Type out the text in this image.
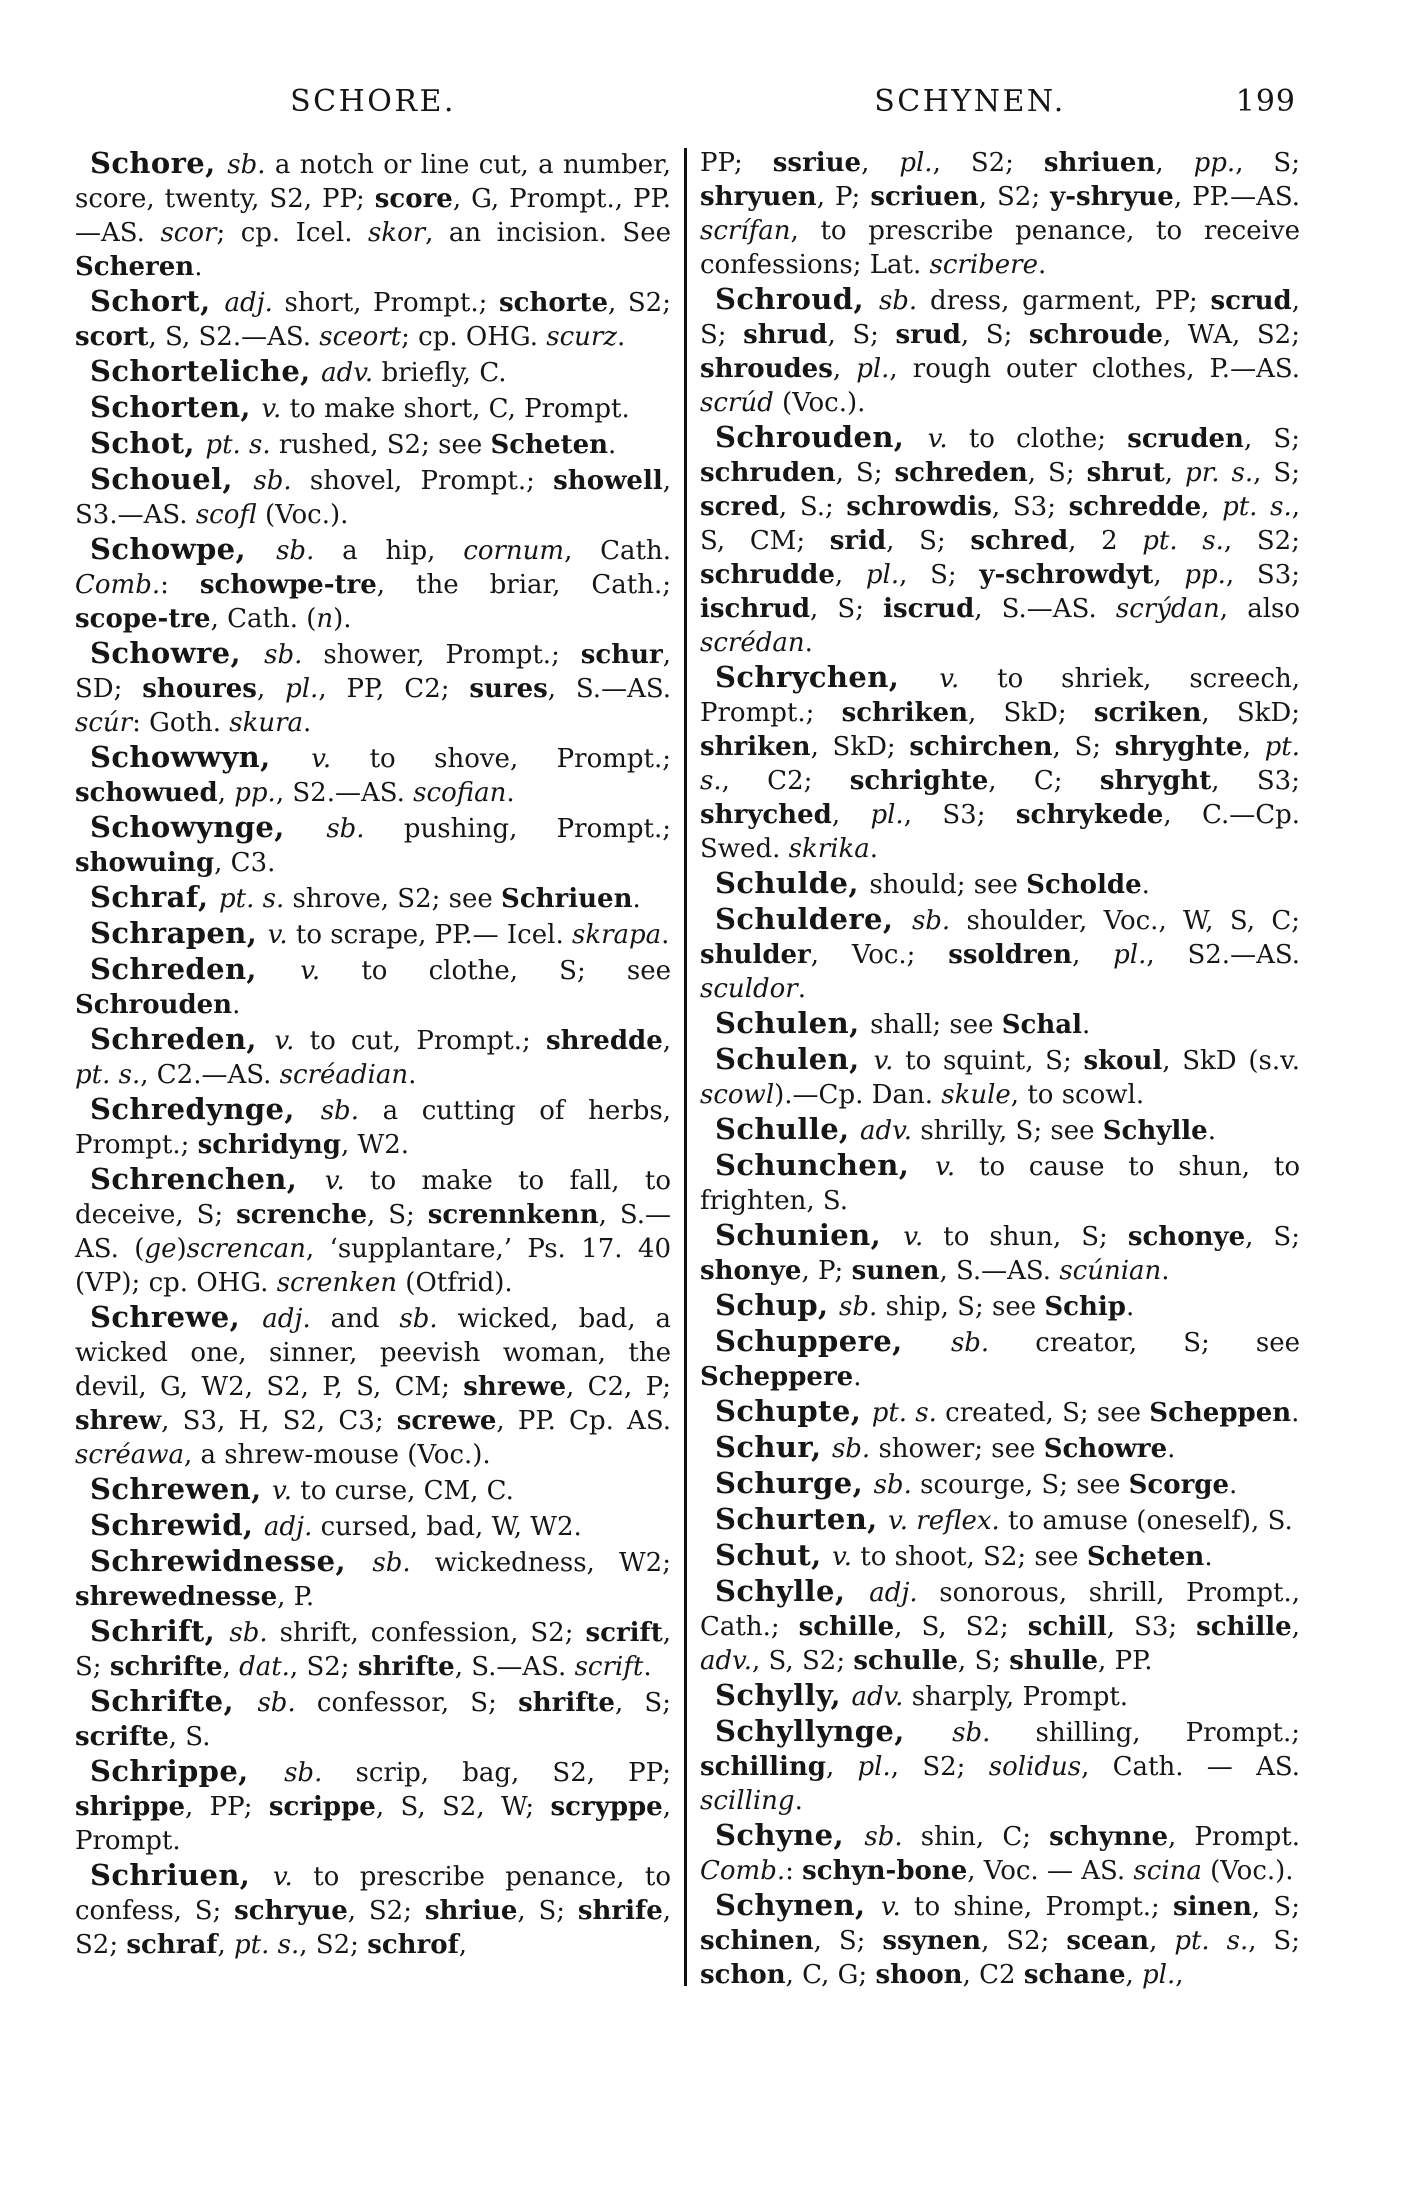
SCHORE.	SCHYNEN.	199

Schore, sb. a notch or line cut, a number, score, twenty, S2, PP; score, G, Prompt., PP.—AS. scor; cp. Icel. skor, an incision. See Scheren.

Schort, adj. short, Prompt.; schorte, S2; scort, S, S2.—AS. sceort; cp. OHG. scurz.

Schorteliche, adv. briefly, C.

Schorten, v. to make short, C, Prompt.

Schot, pt. s. rushed, S2; see Scheten.

Schouel, sb. shovel, Prompt.; showell, S3.—AS. scofl (Voc.).

Schowpe, sb. a hip, cornum, Cath. Comb.: schowpe-tre, the briar, Cath.; scope-tre, Cath. (n).

Schowre, sb. shower, Prompt.; schur, SD; shoures, pl., PP, C2; sures, S.—AS. scúr: Goth. skura.

Schowwyn, v. to shove, Prompt.; schowued, pp., S2.—AS. scofian.

Schowynge, sb. pushing, Prompt.; showuing, C3.

Schraf, pt. s. shrove, S2; see Schriuen.

Schrapen, v. to scrape, PP.— Icel. skrapa.

Schreden, v. to clothe, S; see Schrouden.

Schreden, v. to cut, Prompt.; shredde, pt. s., C2.—AS. scréadian.

Schredynge, sb. a cutting of herbs, Prompt.; schridyng, W2.

Schrenchen, v. to make to fall, to deceive, S; screnche, S; scrennkenn, S.—AS. (ge)screncan, ‘supplantare,’ Ps. 17. 40 (VP); cp. OHG. screnken (Otfrid).

Schrewe, adj. and sb. wicked, bad, a wicked one, sinner, peevish woman, the devil, G, W2, S2, P, S, CM; shrewe, C2, P; shrew, S3, H, S2, C3; screwe, PP. Cp. AS. scréawa, a shrew-mouse (Voc.).

Schrewen, v. to curse, CM, C.

Schrewid, adj. cursed, bad, W, W2.

Schrewidnesse, sb. wickedness, W2; shrewednesse, P.

Schrift, sb. shrift, confession, S2; scrift, S; schrifte, dat., S2; shrifte, S.—AS. scrift.

Schrifte, sb. confessor, S; shrifte, S; scrifte, S.

Schrippe, sb. scrip, bag, S2, PP; shrippe, PP; scrippe, S, S2, W; scryppe, Prompt.

Schriuen, v. to prescribe penance, to confess, S; schryue, S2; shriue, S; shrife, S2; schraf, pt. s., S2; schrof,

PP; ssriue, pl., S2; shriuen, pp., S; shryuen, P; scriuen, S2; y-shryue, PP.—AS. scrífan, to prescribe penance, to receive confessions; Lat. scribere.

Schroud, sb. dress, garment, PP; scrud, S; shrud, S; srud, S; schroude, WA, S2; shroudes, pl., rough outer clothes, P.—AS. scrúd (Voc.).

Schrouden, v. to clothe; scruden, S; schruden, S; schreden, S; shrut, pr. s., S; scred, S.; schrowdis, S3; schredde, pt. s., S, CM; srid, S; schred, 2 pt. s., S2; schrudde, pl., S; y-schrowdyt, pp., S3; ischrud, S; iscrud, S.—AS. scrýdan, also scrédan.

Schrychen, v. to shriek, screech, Prompt.; schriken, SkD; scriken, SkD; shriken, SkD; schirchen, S; shryghte, pt. s., C2; schrighte, C; shryght, S3; shryched, pl., S3; schrykede, C.—Cp. Swed. skrika.

Schulde, should; see Scholde.

Schuldere, sb. shoulder, Voc., W, S, C; shulder, Voc.; ssoldren, pl., S2.—AS. sculdor.

Schulen, shall; see Schal.

Schulen, v. to squint, S; skoul, SkD (s.v. scowl).—Cp. Dan. skule, to scowl.

Schulle, adv. shrilly, S; see Schylle.

Schunchen, v. to cause to shun, to frighten, S.

Schunien, v. to shun, S; schonye, S; shonye, P; sunen, S.—AS. scúnian.

Schup, sb. ship, S; see Schip.

Schuppere, sb. creator, S; see Scheppere.

Schupte, pt. s. created, S; see Scheppen.

Schur, sb. shower; see Schowre.

Schurge, sb. scourge, S; see Scorge.

Schurten, v. reflex. to amuse (oneself), S.

Schut, v. to shoot, S2; see Scheten.

Schylle, adj. sonorous, shrill, Prompt., Cath.; schille, S, S2; schill, S3; schille, adv., S, S2; schulle, S; shulle, PP.

Schylly, adv. sharply, Prompt.

Schyllynge, sb. shilling, Prompt.; schilling, pl., S2; solidus, Cath. — AS. scilling.

Schyne, sb. shin, C; schynne, Prompt. Comb.: schyn-bone, Voc. — AS. scina (Voc.).

Schynen, v. to shine, Prompt.; sinen, S; schinen, S; ssynen, S2; scean, pt. s., S; schon, C, G; shoon, C2 schane, pl.,
